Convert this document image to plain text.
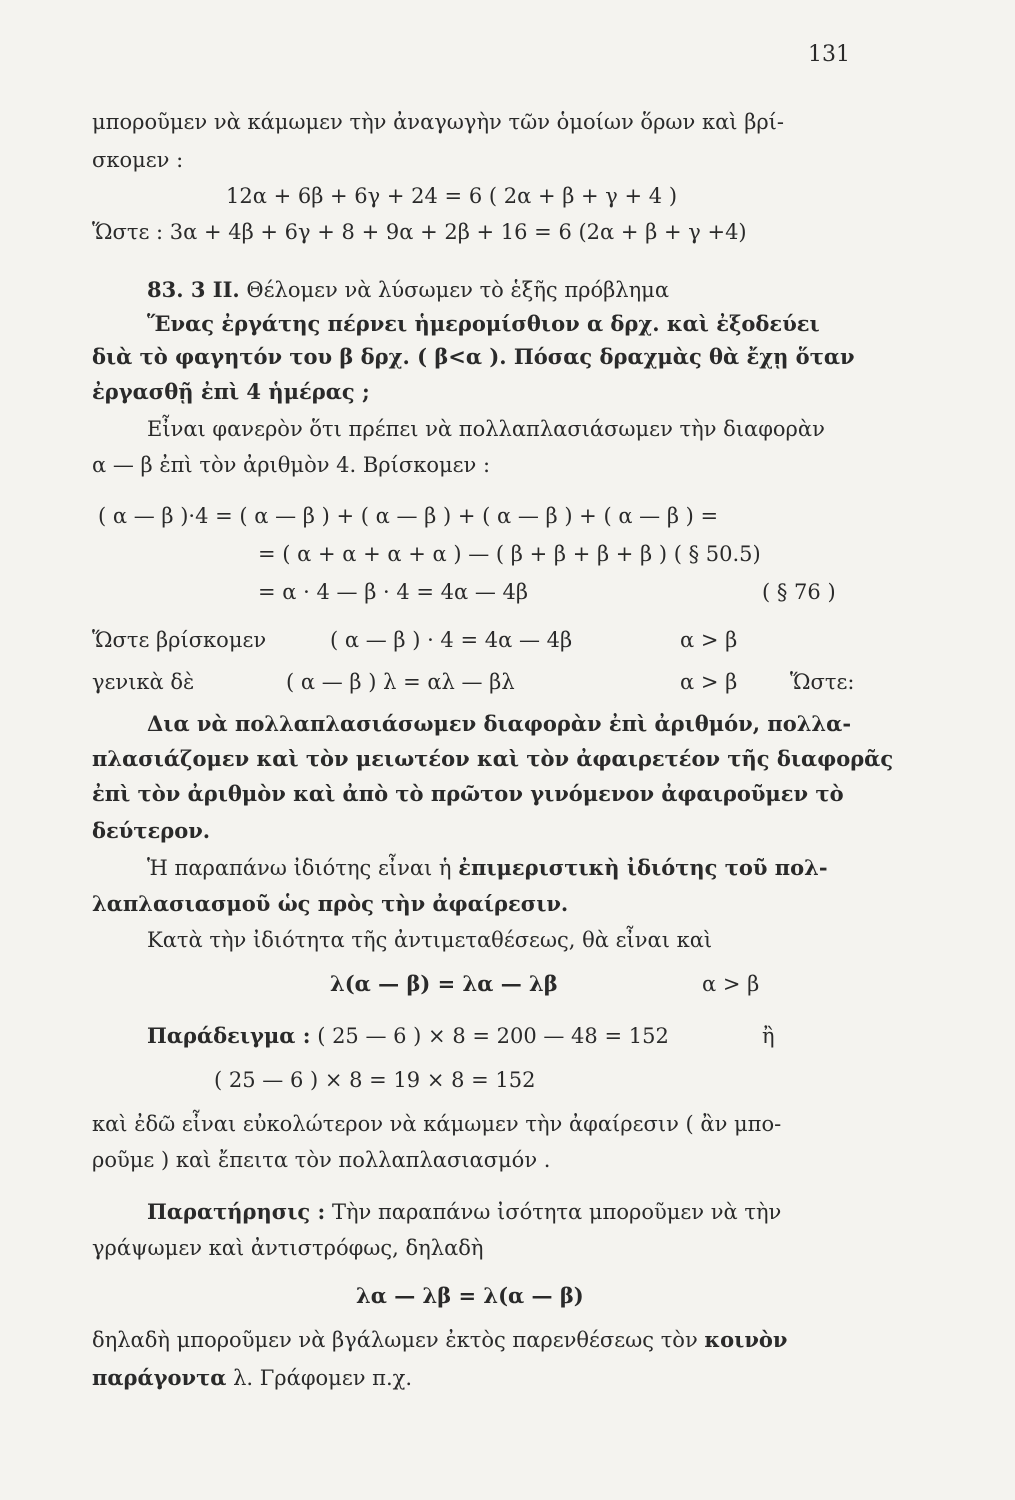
131
μποροῦμεν νὰ κάμωμεν τὴν ἀναγωγὴν τῶν ὁμοίων ὅρων καὶ βρί-
σκομεν :
12α + 6β + 6γ + 24 = 6 ( 2α + β + γ + 4 )
Ὥστε : 3α + 4β + 6γ + 8 + 9α + 2β + 16 = 6 (2α + β + γ +4)
83. 3 II. Θέλομεν νὰ λύσωμεν τὸ ἑξῆς πρόβλημα
Ἕνας ἐργάτης πέρνει ἡμερομίσθιον α δρχ. καὶ ἐξοδεύει
διὰ τὸ φαγητόν του β δρχ. ( β<α ). Πόσας δραχμὰς θὰ ἔχῃ ὅταν
ἐργασθῇ ἐπὶ 4 ἡμέρας ;
Εἶναι φανερὸν ὅτι πρέπει νὰ πολλαπλασιάσωμεν τὴν διαφορὰν
α — β ἐπὶ τὸν ἀριθμὸν 4. Βρίσκομεν :
( α — β )·4 = ( α — β ) + ( α — β ) + ( α — β ) + ( α — β ) =
= ( α + α + α + α ) — ( β + β + β + β ) ( § 50.5)
= α · 4 — β · 4 = 4α — 4β	( § 76 )
Ὥστε βρίσκομεν	( α — β ) · 4 = 4α — 4β	α > β
γενικὰ δὲ	( α — β ) λ = αλ — βλ	α > β	Ὥστε:
Δια νὰ πολλαπλασιάσωμεν διαφορὰν ἐπὶ ἀριθμόν, πολλα-
πλασιάζομεν καὶ τὸν μειωτέον καὶ τὸν ἀφαιρετέον τῆς διαφορᾶς
ἐπὶ τὸν ἀριθμὸν καὶ ἀπὸ τὸ πρῶτον γινόμενον ἀφαιροῦμεν τὸ
δεύτερον.
Ἡ παραπάνω ἰδιότης εἶναι ἡ ἐπιμεριστικὴ ἰδιότης τοῦ πολ-
λαπλασιασμοῦ ὡς πρὸς τὴν ἀφαίρεσιν.
Κατὰ τὴν ἰδιότητα τῆς ἀντιμεταθέσεως, θὰ εἶναι καὶ
λ(α — β) = λα — λβ	α > β
Παράδειγμα : ( 25 — 6 ) × 8 = 200 — 48 = 152	ἢ
( 25 — 6 ) × 8 = 19 × 8 = 152
καὶ ἐδῶ εἶναι εὐκολώτερον νὰ κάμωμεν τὴν ἀφαίρεσιν ( ἂν μπο-
ροῦμε ) καὶ ἔπειτα τὸν πολλαπλασιασμόν .
Παρατήρησις : Τὴν παραπάνω ἰσότητα μποροῦμεν νὰ τὴν
γράψωμεν καὶ ἀντιστρόφως, δηλαδὴ
λα — λβ = λ(α — β)
δηλαδὴ μποροῦμεν νὰ βγάλωμεν ἐκτὸς παρενθέσεως τὸν κοινὸν
παράγοντα λ. Γράφομεν π.χ.
